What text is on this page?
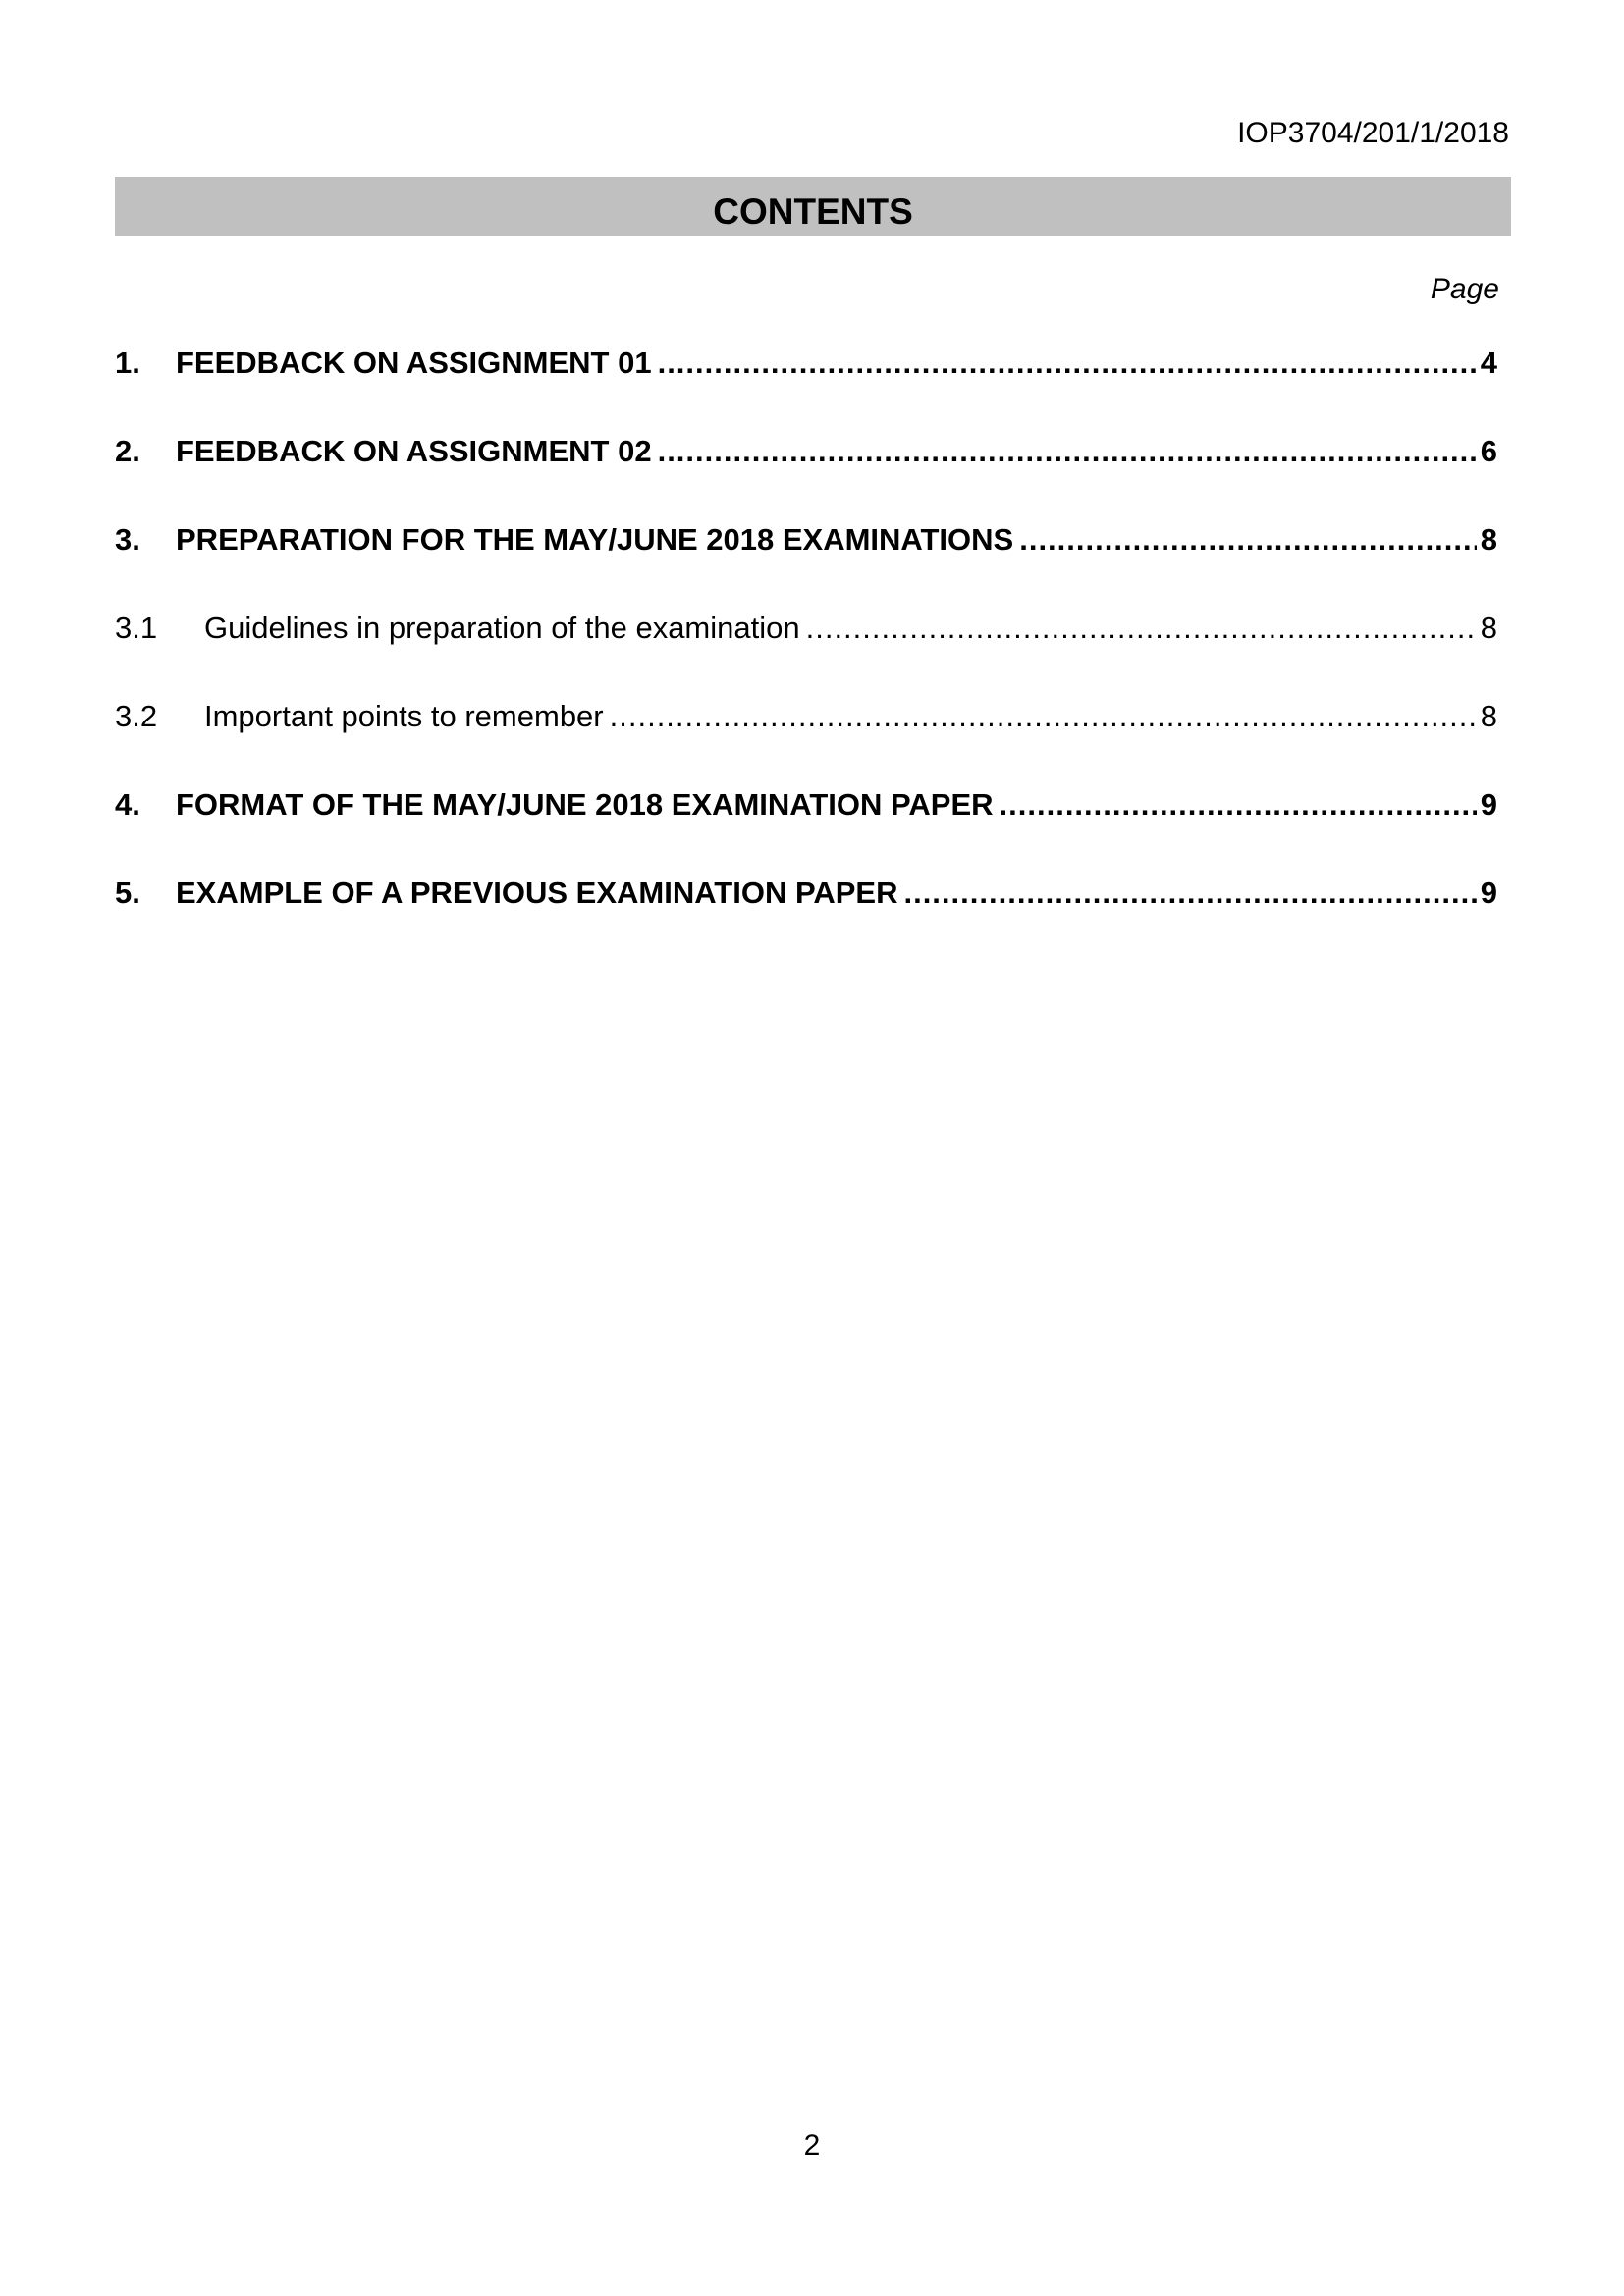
IOP3704/201/1/2018
CONTENTS
Page
1.	FEEDBACK ON ASSIGNMENT 01 .....	4
2.	FEEDBACK ON ASSIGNMENT 02 .....	6
3.	PREPARATION FOR THE MAY/JUNE 2018 EXAMINATIONS .....	8
3.1	Guidelines in preparation of the examination .....	8
3.2	Important points to remember .....	8
4.	FORMAT OF THE MAY/JUNE 2018 EXAMINATION PAPER .....	9
5.	EXAMPLE OF A PREVIOUS EXAMINATION PAPER .....	9
2
